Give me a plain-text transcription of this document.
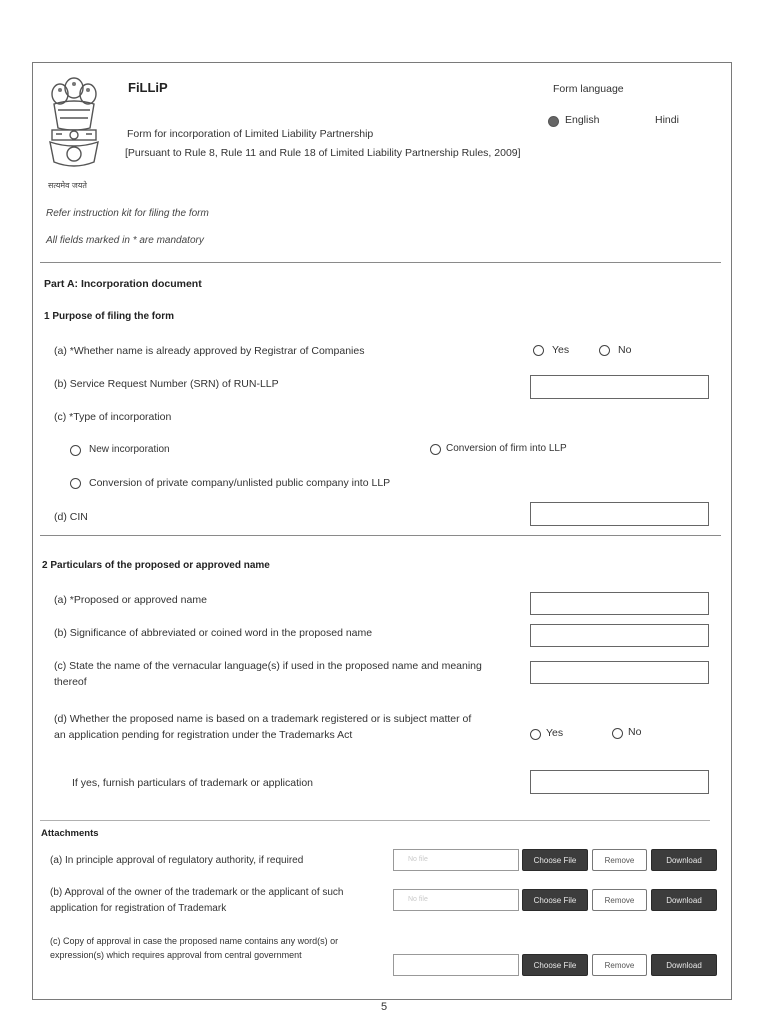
सत्यमेव जयते
FiLLiP
Form for incorporation of Limited Liability Partnership
[Pursuant to Rule 8, Rule 11 and Rule 18 of Limited Liability Partnership Rules, 2009]
Form language
English	Hindi
Refer instruction kit for filing the form
All fields marked in * are mandatory
Part A: Incorporation document
1 Purpose of filing the form
(a) *Whether name is already approved by Registrar of Companies	Yes	No
(b) Service Request Number (SRN) of RUN-LLP
(c) *Type of incorporation
New incorporation	Conversion of firm into LLP
Conversion of private company/unlisted public company into LLP
(d) CIN
2 Particulars of the proposed or approved name
(a) *Proposed or approved name
(b) Significance of abbreviated or coined word in the proposed name
(c) State the name of the vernacular language(s) if used in the proposed name and meaning thereof
(d) Whether the proposed name is based on a trademark registered or is subject matter of an application pending for registration under the Trademarks Act	Yes	No
If yes, furnish particulars of trademark or application
Attachments
(a) In principle approval of regulatory authority, if required	No file	Choose File	Remove	Download
(b) Approval of the owner of the trademark or the applicant of such application for registration of Trademark
No file	Choose File	Remove	Download
(c) Copy of approval in case the proposed name contains any word(s) or expression(s) which requires approval from central government
Choose File	Remove	Download
5
